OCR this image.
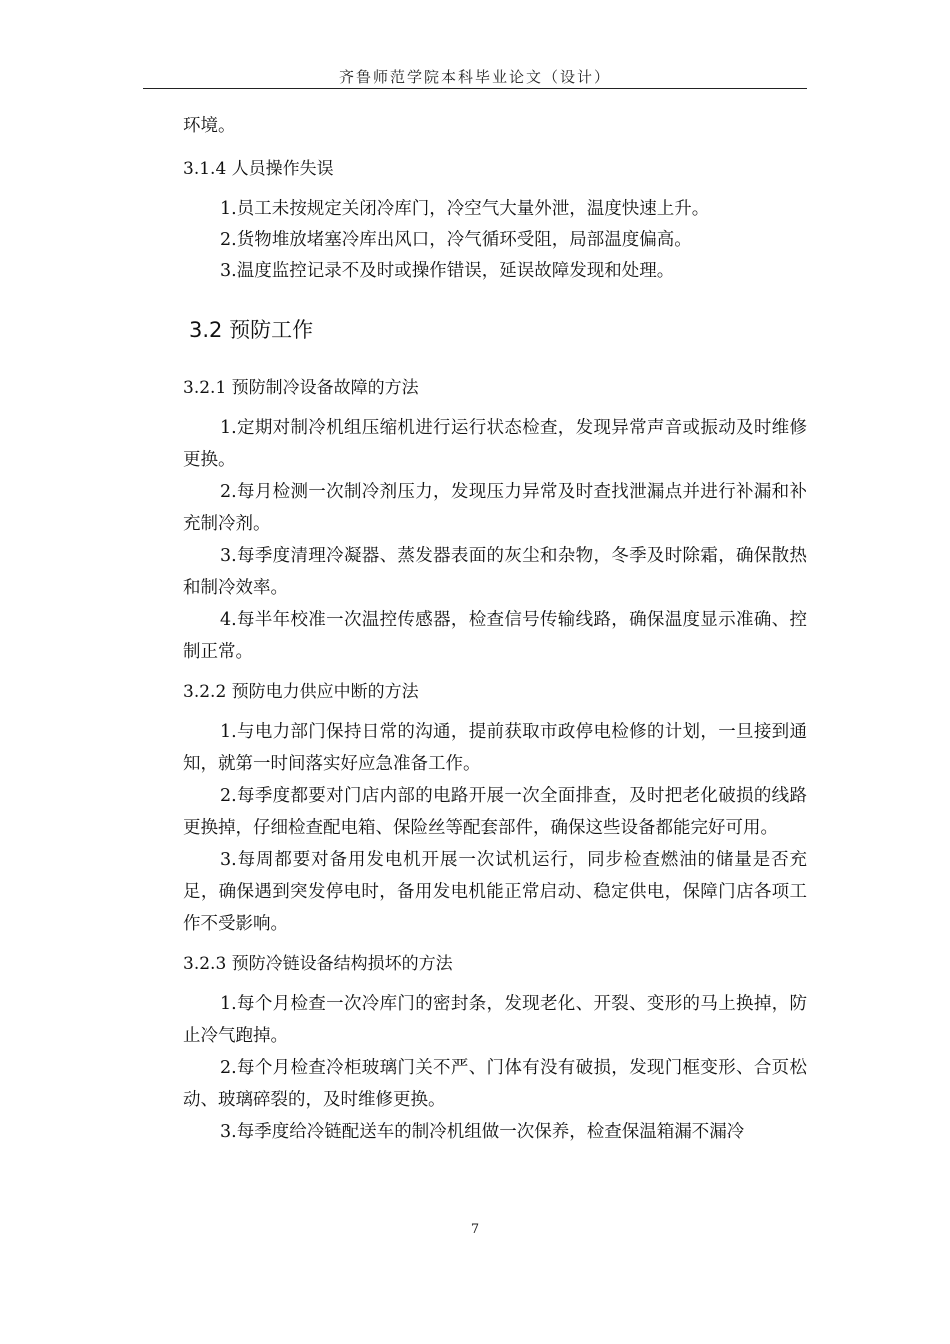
齐鲁师范学院本科毕业论文（设计）

环境。

3.1.4 人员操作失误

1.员工未按规定关闭冷库门，冷空气大量外泄，温度快速上升。

2.货物堆放堵塞冷库出风口，冷气循环受阻，局部温度偏高。

3.温度监控记录不及时或操作错误，延误故障发现和处理。

3.2 预防工作

3.2.1 预防制冷设备故障的方法

1.定期对制冷机组压缩机进行运行状态检查，发现异常声音或振动及时维修更换。

2.每月检测一次制冷剂压力，发现压力异常及时查找泄漏点并进行补漏和补充制冷剂。

3.每季度清理冷凝器、蒸发器表面的灰尘和杂物，冬季及时除霜，确保散热和制冷效率。

4.每半年校准一次温控传感器，检查信号传输线路，确保温度显示准确、控制正常。

3.2.2 预防电力供应中断的方法

1.与电力部门保持日常的沟通，提前获取市政停电检修的计划，一旦接到通知，就第一时间落实好应急准备工作。

2.每季度都要对门店内部的电路开展一次全面排查，及时把老化破损的线路更换掉，仔细检查配电箱、保险丝等配套部件，确保这些设备都能完好可用。

3.每周都要对备用发电机开展一次试机运行，同步检查燃油的储量是否充足，确保遇到突发停电时，备用发电机能正常启动、稳定供电，保障门店各项工作不受影响。

3.2.3 预防冷链设备结构损坏的方法

1.每个月检查一次冷库门的密封条，发现老化、开裂、变形的马上换掉，防止冷气跑掉。

2.每个月检查冷柜玻璃门关不严、门体有没有破损，发现门框变形、合页松动、玻璃碎裂的，及时维修更换。

3.每季度给冷链配送车的制冷机组做一次保养，检查保温箱漏不漏冷

7
